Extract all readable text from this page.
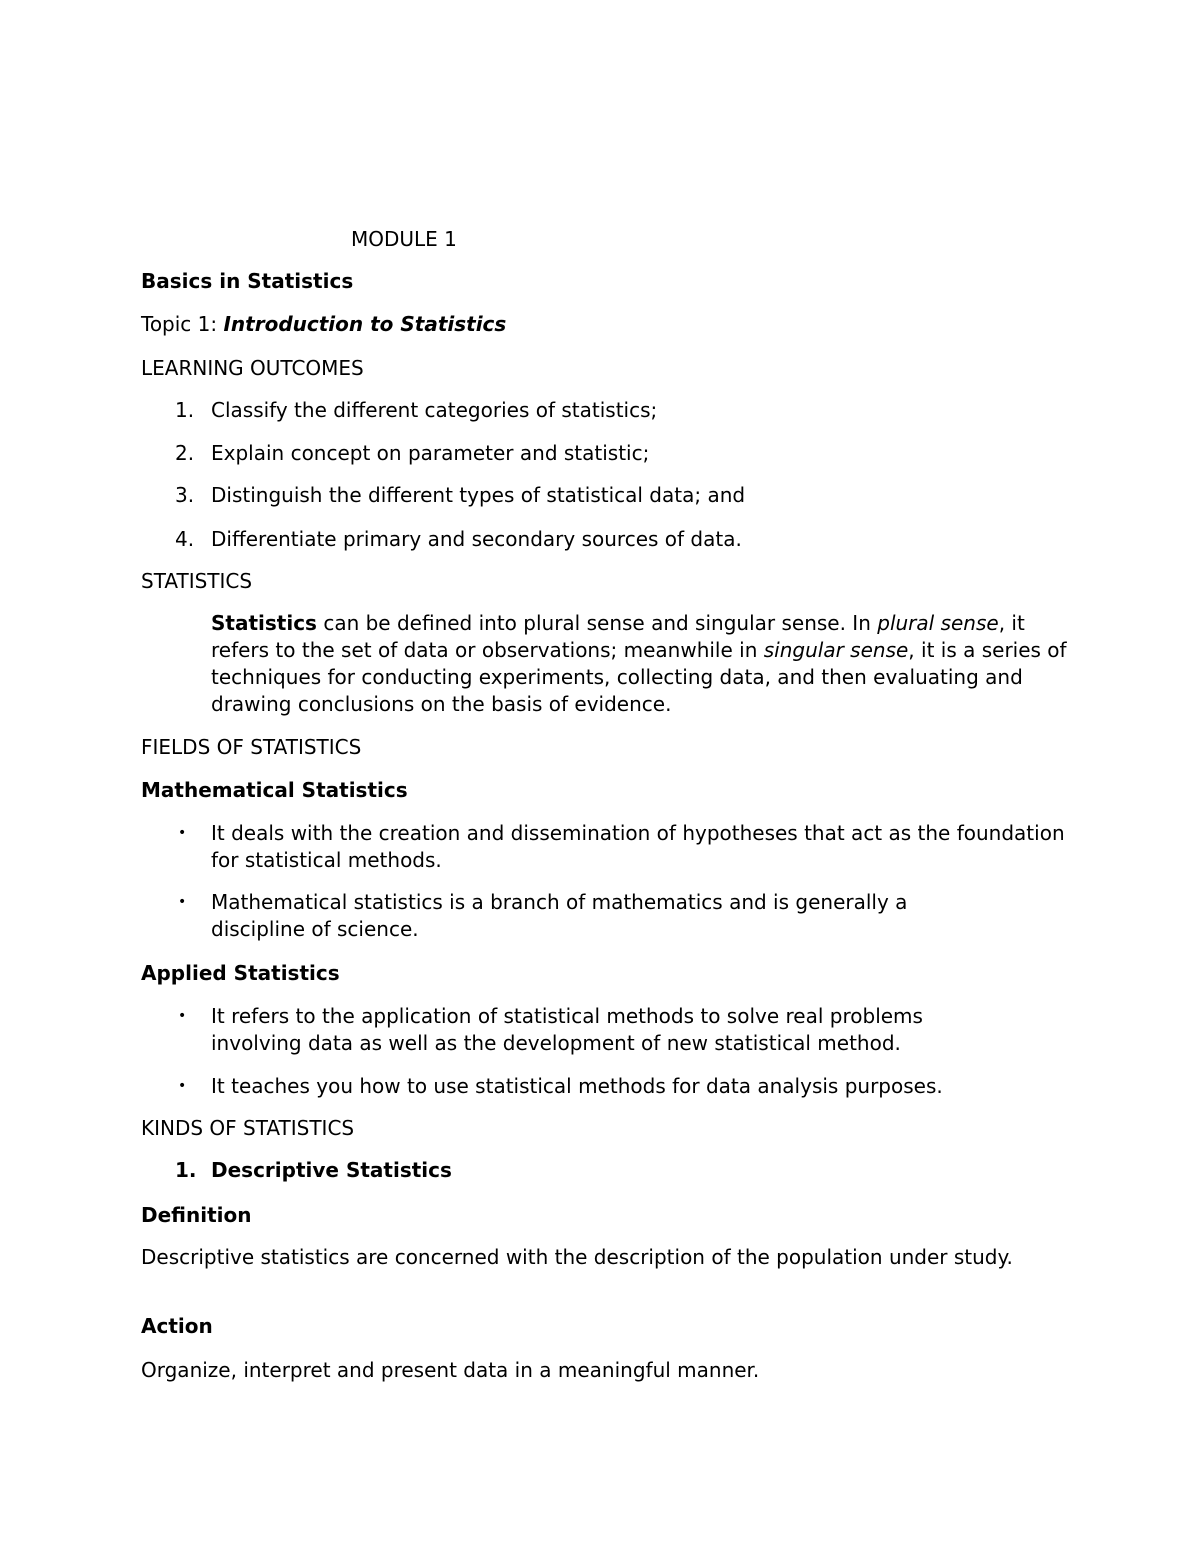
MODULE 1
Basics in Statistics
Topic 1: Introduction to Statistics
LEARNING OUTCOMES
1. Classify the different categories of statistics;
2. Explain concept on parameter and statistic;
3. Distinguish the different types of statistical data; and
4. Differentiate primary and secondary sources of data.
STATISTICS
Statistics can be defined into plural sense and singular sense. In plural sense, it refers to the set of data or observations; meanwhile in singular sense, it is a series of techniques for conducting experiments, collecting data, and then evaluating and drawing conclusions on the basis of evidence.
FIELDS OF STATISTICS
Mathematical Statistics
• It deals with the creation and dissemination of hypotheses that act as the foundation for statistical methods.
• Mathematical statistics is a branch of mathematics and is generally a discipline of science.
Applied Statistics
• It refers to the application of statistical methods to solve real problems involving data as well as the development of new statistical method.
• It teaches you how to use statistical methods for data analysis purposes.
KINDS OF STATISTICS
1. Descriptive Statistics
Definition
Descriptive statistics are concerned with the description of the population under study.
Action
Organize, interpret and present data in a meaningful manner.
